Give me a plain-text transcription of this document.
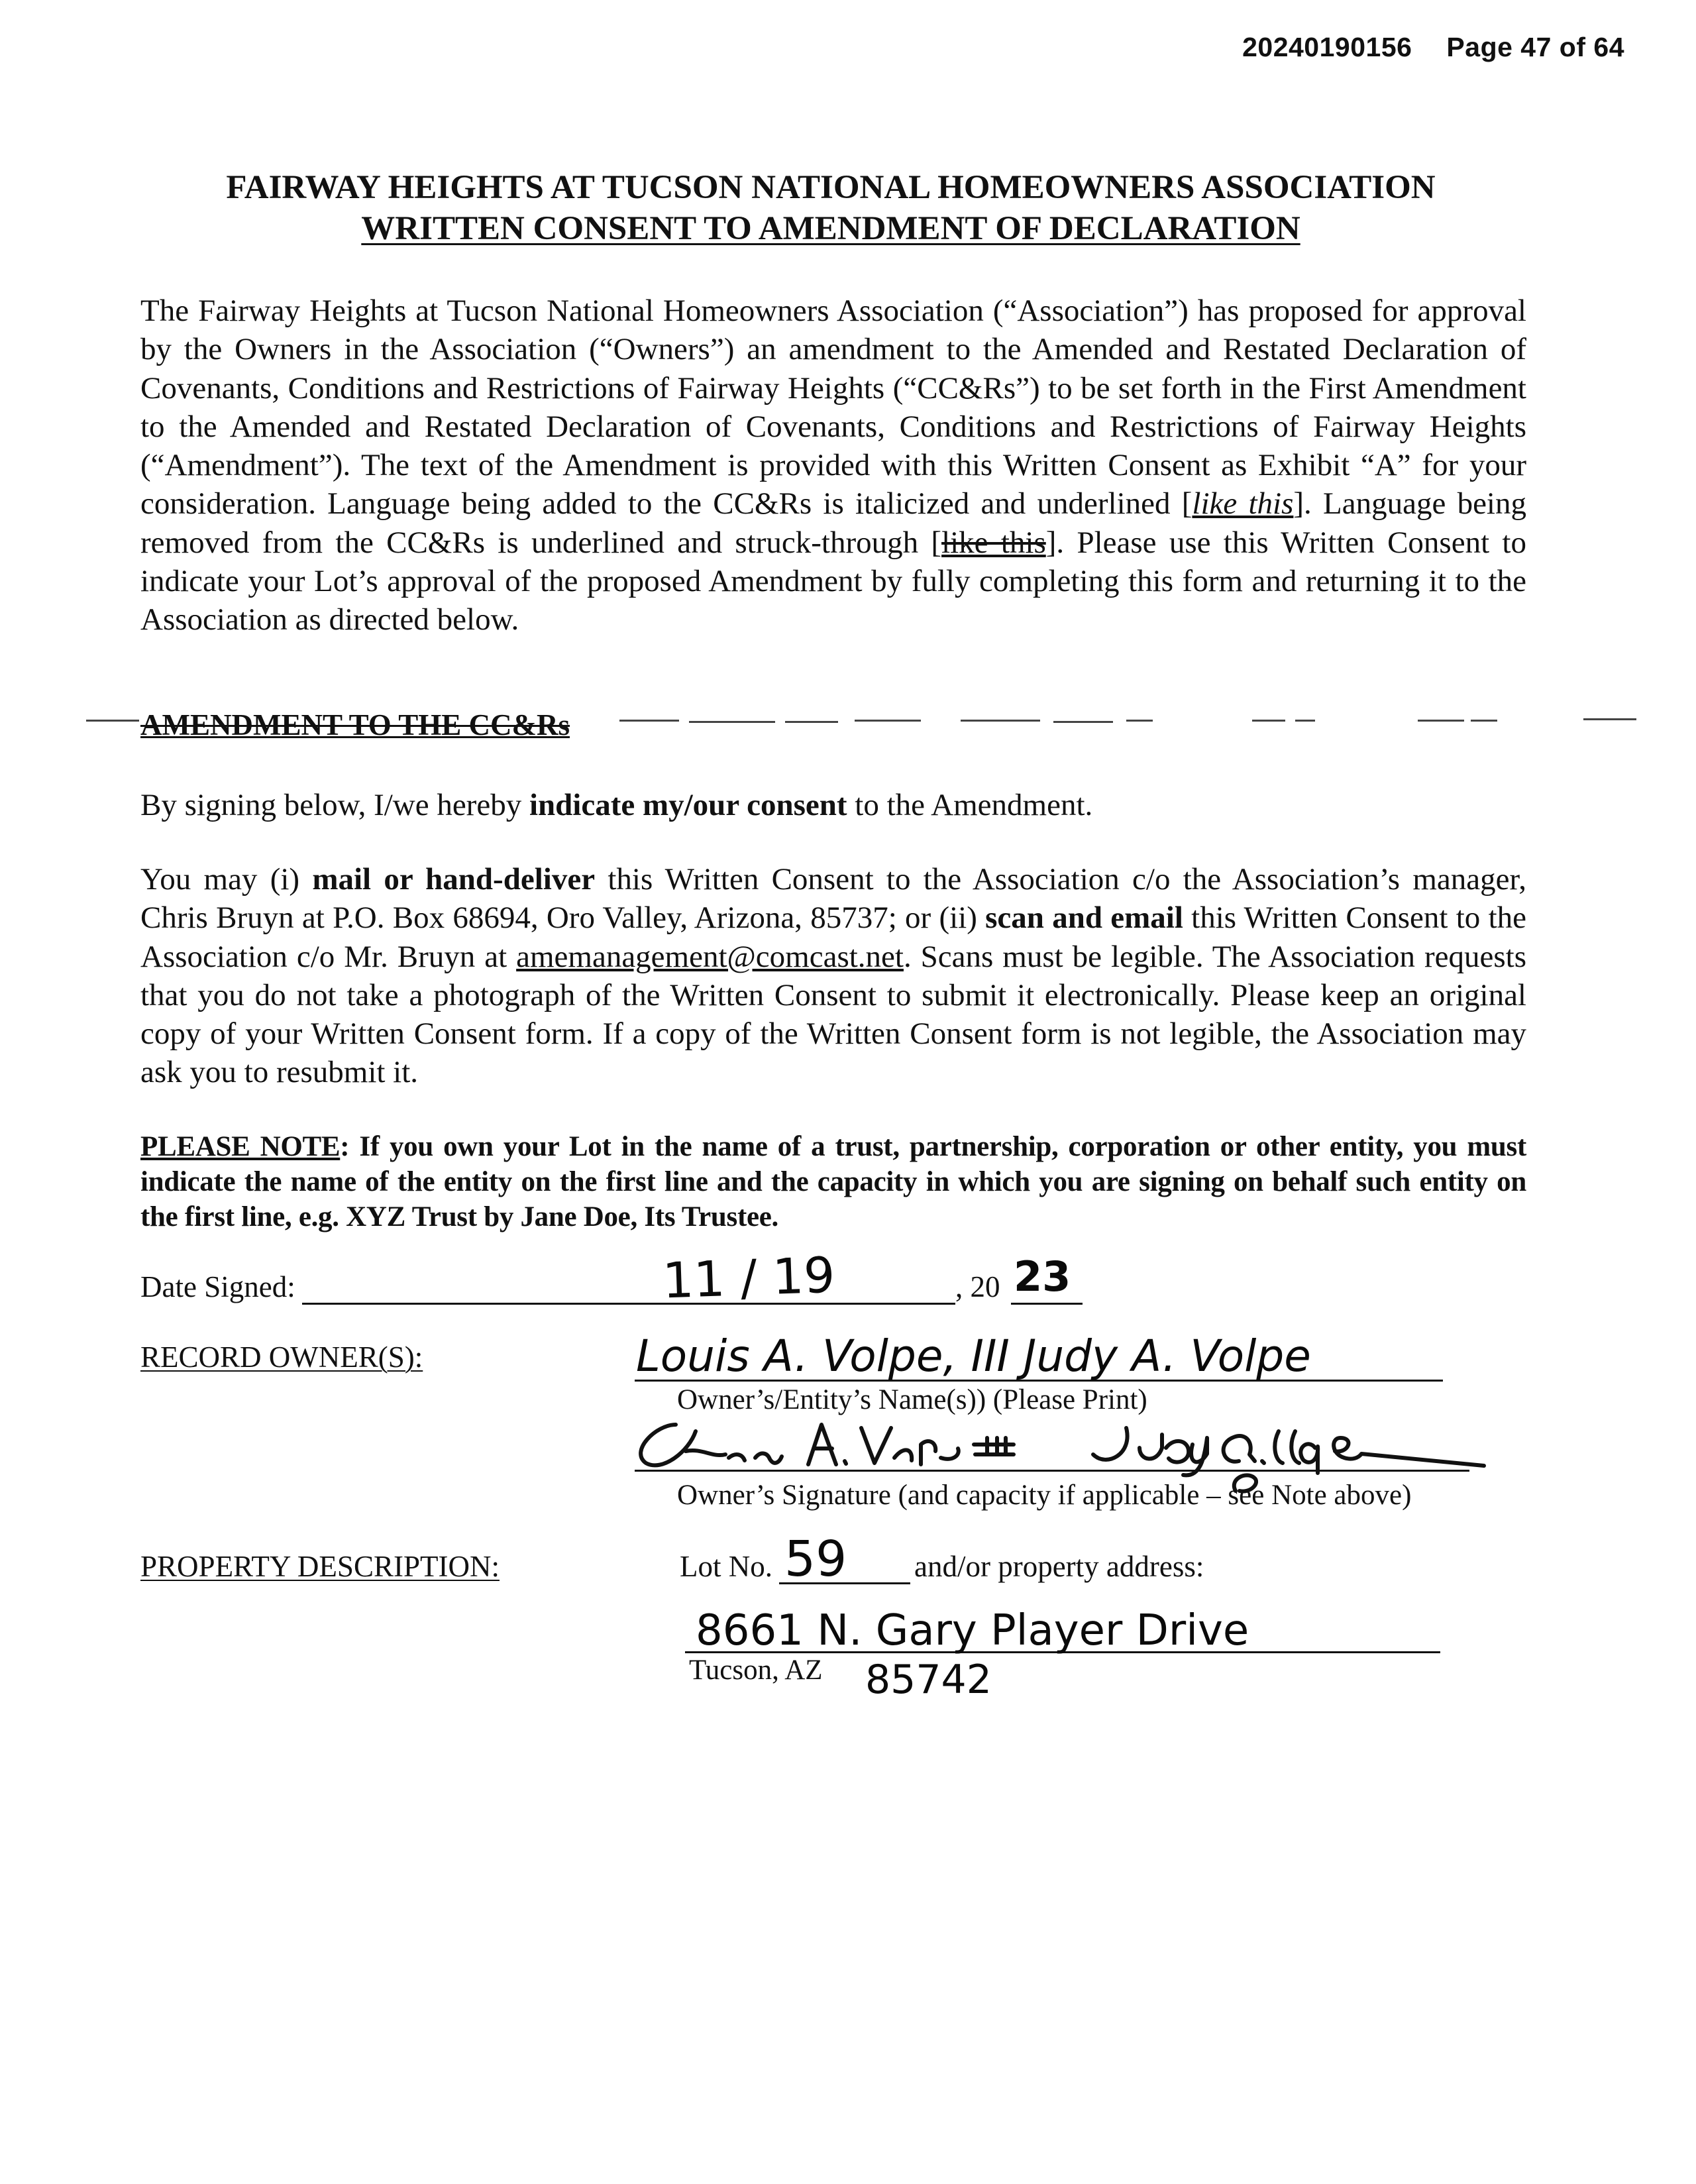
20240190156 Page 47 of 64
FAIRWAY HEIGHTS AT TUCSON NATIONAL HOMEOWNERS ASSOCIATION
WRITTEN CONSENT TO AMENDMENT OF DECLARATION
The Fairway Heights at Tucson National Homeowners Association (“Association”) has proposed for approval by the Owners in the Association (“Owners”) an amendment to the Amended and Restated Declaration of Covenants, Conditions and Restrictions of Fairway Heights (“CC&Rs”) to be set forth in the First Amendment to the Amended and Restated Declaration of Covenants, Conditions and Restrictions of Fairway Heights (“Amendment”). The text of the Amendment is provided with this Written Consent as Exhibit “A” for your consideration. Language being added to the CC&Rs is italicized and underlined [like this]. Language being removed from the CC&Rs is underlined and struck-through [like this]. Please use this Written Consent to indicate your Lot’s approval of the proposed Amendment by fully completing this form and returning it to the Association as directed below.
AMENDMENT TO THE CC&Rs
By signing below, I/we hereby indicate my/our consent to the Amendment.
You may (i) mail or hand-deliver this Written Consent to the Association c/o the Association’s manager, Chris Bruyn at P.O. Box 68694, Oro Valley, Arizona, 85737; or (ii) scan and email this Written Consent to the Association c/o Mr. Bruyn at amemanagement@comcast.net. Scans must be legible. The Association requests that you do not take a photograph of the Written Consent to submit it electronically. Please keep an original copy of your Written Consent form. If a copy of the Written Consent form is not legible, the Association may ask you to resubmit it.
PLEASE NOTE: If you own your Lot in the name of a trust, partnership, corporation or other entity, you must indicate the name of the entity on the first line and the capacity in which you are signing on behalf such entity on the first line, e.g. XYZ Trust by Jane Doe, Its Trustee.
Date Signed:	, 20
11 / 19	23
RECORD OWNER(S):	Louis A. Volpe, III Judy A. Volpe
Owner’s/Entity’s Name(s)) (Please Print)
Owner’s Signature (and capacity if applicable – see Note above)
PROPERTY DESCRIPTION:	Lot No. 59 and/or property address:
8661 N. Gary Player Drive
Tucson, AZ 85742
